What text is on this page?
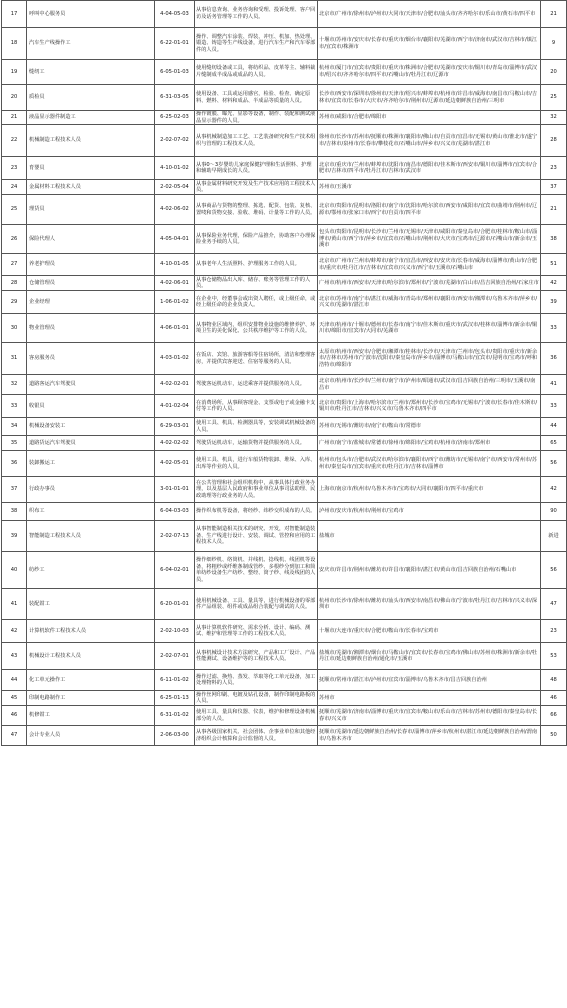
17	呼叫中心服务员	4-04-05-03	从事信息查询、业务咨询和受理、投诉处理、客户回访及话务管理等工作的人员。	北京市/广州市/徐州市/泸州市/大同市/天津市/合肥市/汕头市/齐齐哈尔市/乐山市/黄石市/四平市	21
18	汽车生产线操作工	6-22-01-01	操作、调整汽车涂装、焊装、冲压、机加、热处理、锻造、铸造等生产线设备，进行汽车生产和汽车零部件的人员。	十堰市/苏州市/安庆市/长春市/重庆市/烟台市/襄阳市/芜湖市/西宁市/济南市/武汉市/吉林市/镇江市/宜宾市/株洲市	9
19	缝纫工	6-05-01-03	使用缝纫设备或工具，将纺织品、皮革等主、辅料裁片缝制成半成品或成品的人员。	杭州市/厦门市/宜宾市/贵阳市/重庆市/株洲市/合肥市/芜湖市/安庆市/铜川市/青岛市/淄博市/武汉市/绍兴市/齐齐哈尔市/四平市/石嘴山市/牡丹江市/辽源市	20
20	质检员	6-31-03-05	使用设备、工具或运用感官，检验、检查、确定原料、燃料、材料和成品、半成品等质量的人员。	长沙市/西安市/深圳市/徐州市/天津市/绍兴市/蚌埠市/杭州市/许昌市/威海市/南昌市/马鞍山市/吉林市/宜宾市/长春市/大庆市/齐齐哈尔市/荆州市/辽源市/延边朝鲜族自治州/三明市	25
21	液晶显示器件制造工	6-25-02-03	操作镀膜、曝光、显影等设备，制作、装配和测试液晶显示器件的人员。	苏州市/咸阳市/合肥市/绵阳市	32
22	机械制造工程技术人员	2-02-07-02	从事机械制造加工工艺、工艺装备研究和生产技术组织与管理的工程技术人员。	徐州市/长沙市/苏州市/抚顺市/株洲市/襄阳市/佛山市/自贡市/宜昌市/无锡市/黄山市/淮北市/遂宁市/吉林市/泉州市/长春市/攀枝花市/石嘴山市/萍乡市/兴义市/芜湖市/湛江市	28
23	育婴员	4-10-01-02	从事0～3岁婴幼儿家庭保健护理和生活照料、护理和辅助早期成长的人员。	北京市/重庆市/兰州市/蚌埠市/沈阳市/南昌市/德阳市/佳木斯市/西安市/铜川市/淄博市/宜宾市/合肥市/吉林市/四平市/牡丹江市/吉林市/武汉市	23
24	金属材料工程技术人员	2-02-05-04	从事金属材料研究开发及生产技术应用的工程技术人员。	苏州市/玉溪市	37
25	理货员	4-02-06-02	从事商品与货物的整理、拣选、配货、包装、复核、置唛和货物交接、验收、堆码、计量等工作的人员。	北京市/贵阳市/昆明市/洛阳市/南宁市/沈阳市/哈尔滨市/西安市/咸阳市/宜宾市/曲靖市/荆州市/辽源市/鄂州市/张家口市/西宁市/自贡市/四平市	21
26	保险代理人	4-05-04-01	从事保险业务代理，保险产品推介，协助客户办理保险业务手续的人员。	包头市/贵阳市/昆明市/长沙市/兰州市/无锡市/天津市/咸阳市/秦皇岛市/合肥市/桂林市/鞍山市/淄博市/黄山市/西宁市/萍乡市/宜宾市/石嘴山市/荆州市/大庆市/宝鸡市/辽源市/石嘴山市/新余市/玉溪市	38
27	养老护理员	4-10-01-05	从事老年人生活照料、护理服务工作的人员。	北京市/广州市/兰州市/蚌埠市/南宁市/宜昌市/西安市/安庆市/长春市/威海市/淄博市/黄山市/合肥市/重庆市/牡丹江市/吉林市/宜宾市/兴义市/西宁市/玉溪市/石嘴山市	51
28	仓储管理员	4-02-06-01	从事仓储物品出入库、储存、账务等管理工作的人员。	广州市/杭州市/西安市/天津市/哈尔滨市/郑州市/宁波市/芜湖市/白山市/昌吉回族自治州/石家庄市	42
29	企业经理	1-06-01-02	在企业中，经董事会或出资人聘任，或上级任命，或经上级任命的企业负责人。	北京市/苏州市/南宁市/湛江市/威海市/青岛市/郑州市/襄阳市/西安市/湘潭市/乌鲁木齐市/萍乡市/兴义市/芜湖市/湛江市	39
30	物业管理员	4-06-01-01	从事物业区域内，组织安排物业设施的维修养护、环境卫生的美化保化、公共秩序维护等工作的人员。	天津市/杭州市/十堰市/德州市/长春市/南宁市/佳木斯市/重庆市/武汉市/桂林市/淄博市/新余市/铜川市/绵阳市/宜宾市/大同市/芜湖市	33
31	客房服务员	4-03-01-02	在饭店、宾馆、旅游客船等住宿场所，清洁和整理客房，并提供宾客迎送、住宿等服务的人员。	太原市/杭州市/西安市/合肥市/湘潭市/桂林市/长沙市/天津市/兰州市/包头市/贵阳市/重庆市/新余市/吉林市/苏州市/宁波市/沈阳市/秦皇岛市/萍乡市/淄博市/马鞍山市/宜宾市/昆明市/宝鸡市/呼和浩特市/绵阳市	36
32	道路客运汽车驾驶员	4-02-02-01	驾驶客运机动车，运送乘客并提供服务的人员。	北京市/杭州市/长沙市/兰州市/南宁市/泸州市/昭通市/武汉市/昌吉回族自治州/三明市/玉溪市/南昌市	41
33	收银员	4-01-02-04	在消费场所，从事顾客现金、支票或电子或金融卡支付等工作的人员。	北京市/贵阳市/上海市/哈尔滨市/兰州市/郑州市/长沙市/宝鸡市/无锡市/宁波市/长春市/佳木斯市/铜川市/牡丹江市/吉林市/兴义市/乌鲁木齐市/四平市	33
34	机械设备安装工	6-29-03-01	使用工具、机具、检测器具等，安装调试机械设备的人员。	苏州市/无锡市/潍坊市/南宁市/鞍山市/常德市	44
35	道路货运汽车驾驶员	4-02-02-02	驾驶货运机动车，运输货物并提供服务的人员。	广州市/南宁市/盐城市/常德市/徐州市/绵阳市/宝鸡市/杭州市/济南市/郑州市	65
36	装卸搬运工	4-02-05-01	使用工具、机具，进行车船货物装卸、堆垛、入库、出库等作业的人员。	杭州市/包头市/合肥市/武汉市/哈尔滨市/襄阳市/西宁市/潍坊市/无锡市/南宁市/西安市/常州市/苏州市/秦皇岛市/宜宾市/重庆市/牡丹江市/吉林市/淄博市	56
37	行政办事员	3-01-01-01	在公共管理和社会组织机构中，从事具体行政业务办理，以及基层人民政府和事业单位从事司法助理、民政助理等行政业务的人员。	上海市/南京市/杭州市/乌鲁木齐市/宝鸡市/大同市/襄阳市/四平市/重庆市	42
38	织布工	6-04-03-03	操作织布机等设备，将经纱、纬纱交织成布的人员。	泸州市/安庆市/杭州市/荆州市/宝鸡市	90
39	智能制造工程技术人员	2-02-07-13	从事智能制造相关技术的研究、开发，对智能制造装备、生产线进行设计、安装、调试、管控和应用的工程技术人员。	盐城市	新进
40	纺纱工	6-04-02-01	操作细纱机、络筒机、并线机、捻线机、线团机等设备，将粗纱或纤维条制成管纱、多根纱分到加工和简单纺纱设备生产纺纱、整经、筒子纱、线及线团的人员。	安庆市/许昌市/荆州市/潍坊市/许昌市/襄阳市/湛江市/黄山市/昌吉回族自治州/石嘴山市	56
41	装配钳工	6-20-01-01	使用机械设备、工具、量具等，进行机械设备的零部件产品组装、组件或成品组合装配与调试的人员。	杭州市/长沙市/徐州市/潍坊市/汕头市/西安市/南昌市/佛山市/宁波市/牡丹江市/吉林市/兴义市/深圳市	47
42	计算机软件工程技术人员	2-02-10-03	从事计算机软件研究、需求分析、设计、编码、测试、维护和管理等工作的工程技术人员。	十堰市/大连市/重庆市/合肥市/鞍山市/长春市/宝鸡市	23
43	机械设计工程技术人员	2-02-07-01	从事机械设计技术方法研究、产品和工厂设计、产品性能测试、设备维护等的工程技术人员。	盐城市/芜湖市/湘潭市/烟台市/马鞍山市/宜宾市/长春市/宝鸡市/佛山市/苏州市/株洲市/新余市/牡丹江市/延边朝鲜族自治州/通化市/玉溪市	53
44	化工单元操作工	6-11-01-02	操作过滤、换热、蒸发、萃取等化工单元设备，加工处理物料的人员。	抚顺市/常州市/湛江市/泸州市/宜宾市/淄博市/乌鲁木齐市/昌吉回族自治州	48
45	印制电路制作工	6-25-01-13	操作丝网印刷、电镀及钻孔设备，制作印制电路板的人员。	苏州市	46
46	机修钳工	6-31-01-02	使用工具、量具和仪器、仪表，维护和修理设备机械部分的人员。	抚顺市/芜湖市/济南市/淄博市/重庆市/宜宾市/鞍山市/乐山市/吉林市/苏州市/德阳市/秦皇岛市/长春市/兴义市	66
47	会计专业人员	2-06-03-00	从事各级国家机关、社会团体、企事业单位和其他经济组织会计核算和会计监督的人员。	抚顺市/芜湖市/延边朝鲜族自治州/长春市/淄博市/萍乡市/杭州市/湛江市/延边朝鲜族自治州/渭南市/乌鲁木齐市	50
